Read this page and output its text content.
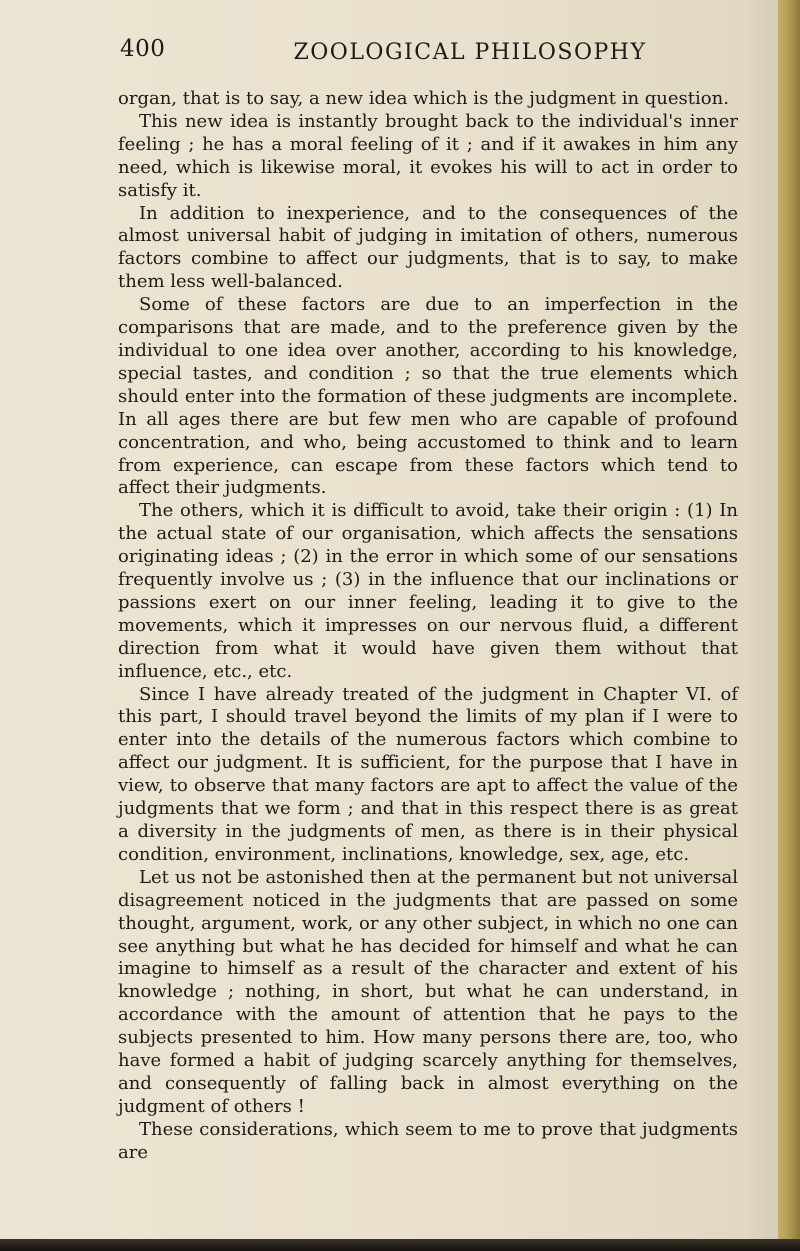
400	ZOOLOGICAL PHILOSOPHY

organ, that is to say, a new idea which is the judgment in question.

This new idea is instantly brought back to the individual's inner feeling ; he has a moral feeling of it ; and if it awakes in him any need, which is likewise moral, it evokes his will to act in order to satisfy it.

In addition to inexperience, and to the consequences of the almost universal habit of judging in imitation of others, numerous factors combine to affect our judgments, that is to say, to make them less well-balanced.

Some of these factors are due to an imperfection in the comparisons that are made, and to the preference given by the individual to one idea over another, according to his knowledge, special tastes, and condition ; so that the true elements which should enter into the formation of these judgments are incomplete. In all ages there are but few men who are capable of profound concentration, and who, being accustomed to think and to learn from experience, can escape from these factors which tend to affect their judgments.

The others, which it is difficult to avoid, take their origin : (1) In the actual state of our organisation, which affects the sensations originating ideas ; (2) in the error in which some of our sensations frequently involve us ; (3) in the influence that our inclinations or passions exert on our inner feeling, leading it to give to the movements, which it impresses on our nervous fluid, a different direction from what it would have given them without that influence, etc., etc.

Since I have already treated of the judgment in Chapter VI. of this part, I should travel beyond the limits of my plan if I were to enter into the details of the numerous factors which combine to affect our judgment. It is sufficient, for the purpose that I have in view, to observe that many factors are apt to affect the value of the judgments that we form ; and that in this respect there is as great a diversity in the judgments of men, as there is in their physical condition, environment, inclinations, knowledge, sex, age, etc.

Let us not be astonished then at the permanent but not universal disagreement noticed in the judgments that are passed on some thought, argument, work, or any other subject, in which no one can see anything but what he has decided for himself and what he can imagine to himself as a result of the character and extent of his knowledge ; nothing, in short, but what he can understand, in accordance with the amount of attention that he pays to the subjects presented to him. How many persons there are, too, who have formed a habit of judging scarcely anything for themselves, and consequently of falling back in almost everything on the judgment of others !

These considerations, which seem to me to prove that judgments are
